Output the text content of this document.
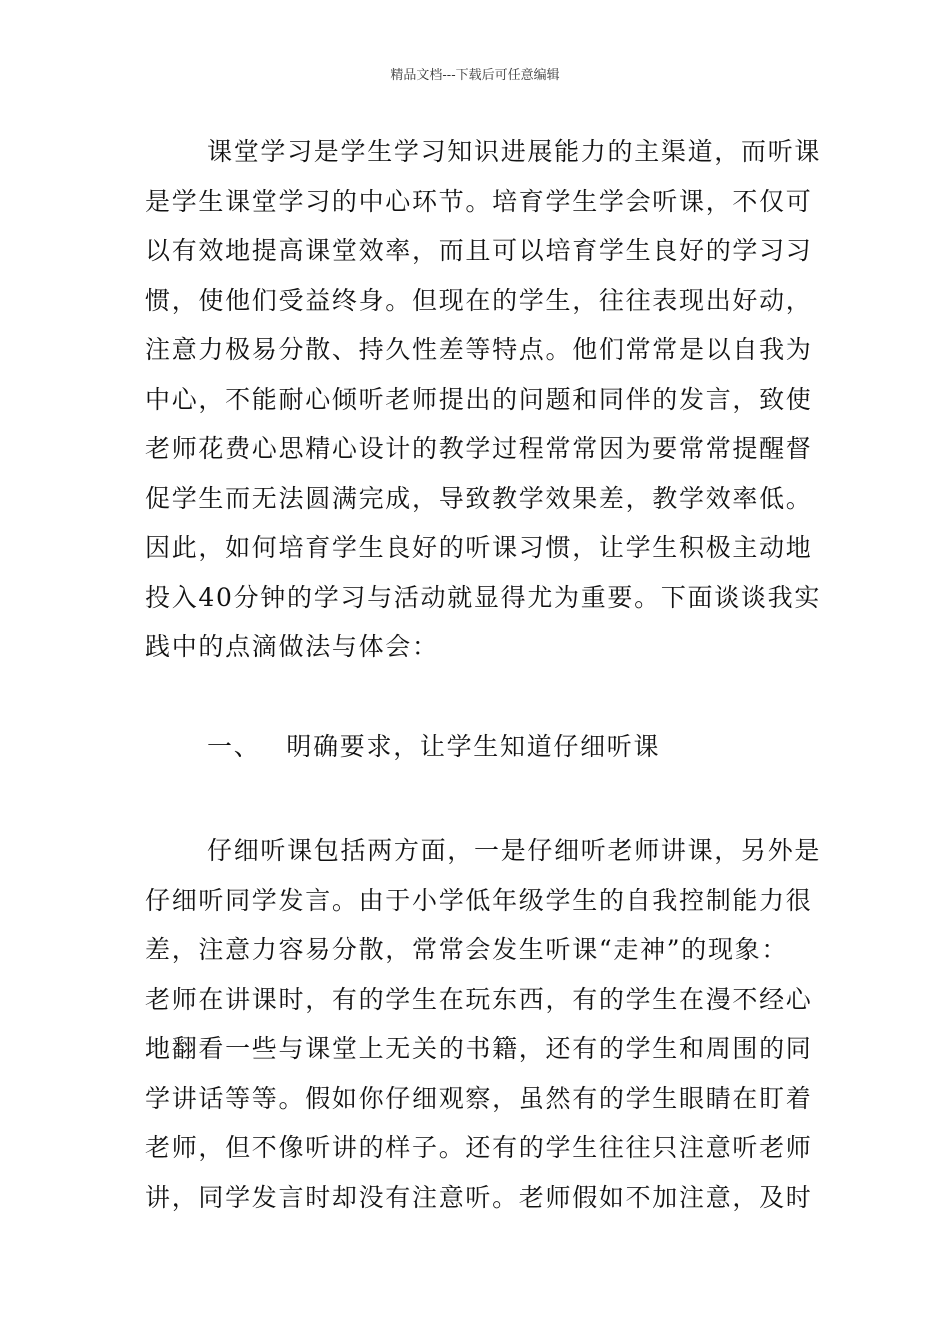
精品文档---下载后可任意编辑
课堂学习是学生学习知识进展能力的主渠道，而听课
是学生课堂学习的中心环节。培育学生学会听课，不仅可
以有效地提高课堂效率，而且可以培育学生良好的学习习
惯，使他们受益终身。但现在的学生，往往表现出好动，
注意力极易分散、持久性差等特点。他们常常是以自我为
中心，不能耐心倾听老师提出的问题和同伴的发言，致使
老师花费心思精心设计的教学过程常常因为要常常提醒督
促学生而无法圆满完成，导致教学效果差，教学效率低。
因此，如何培育学生良好的听课习惯，让学生积极主动地
投入40分钟的学习与活动就显得尤为重要。下面谈谈我实
践中的点滴做法与体会：
一、 明确要求，让学生知道仔细听课
仔细听课包括两方面，一是仔细听老师讲课，另外是
仔细听同学发言。由于小学低年级学生的自我控制能力很
差，注意力容易分散，常常会发生听课“走神”的现象：
老师在讲课时，有的学生在玩东西，有的学生在漫不经心
地翻看一些与课堂上无关的书籍，还有的学生和周围的同
学讲话等等。假如你仔细观察，虽然有的学生眼睛在盯着
老师，但不像听讲的样子。还有的学生往往只注意听老师
讲，同学发言时却没有注意听。老师假如不加注意，及时
